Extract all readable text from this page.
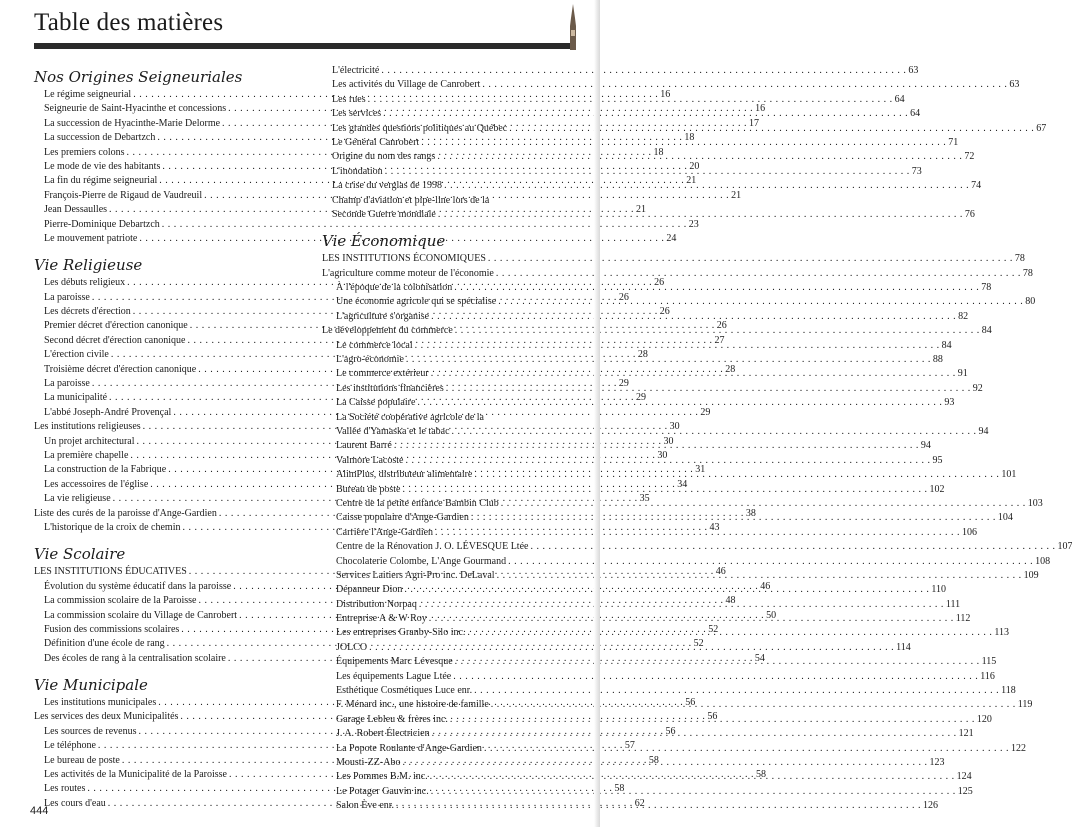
Table des matières
Nos Origines Seigneuriales
Le régime seigneurial . . .	16
Seigneurie de Saint-Hyacinthe et concessions . . .	16
La succession de Hyacinthe-Marie Delorme . . .	17
La succession de Debartzch . . .	18
Les premiers colons . . .	18
Le mode de vie des habitants . . .	20
La fin du régime seigneurial . . .	21
François-Pierre de Rigaud de Vaudreuil . . .	21
Jean Dessaulles . . .	21
Pierre-Dominique Debartzch . . .	23
Le mouvement patriote . . .	24
Vie Religieuse
Les débuts religieux . . .	26
La paroisse . . .	26
Les décrets d'érection . . .	26
Premier décret d'érection canonique . . .	26
Second décret d'érection canonique . . .	27
L'érection civile . . .	28
Troisième décret d'érection canonique . . .	28
La paroisse . . .	29
La municipalité . . .	29
L'abbé Joseph-André Provençal . . .	29
Les institutions religieuses . . .	30
Un projet architectural . . .	30
La première chapelle . . .	30
La construction de la Fabrique . . .	31
Les accessoires de l'église . . .	34
La vie religieuse . . .	35
Liste des curés de la paroisse d'Ange-Gardien . . .	38
L'historique de la croix de chemin . . .	43
Vie Scolaire
LES INSTITUTIONS ÉDUCATIVES . . .	46
Évolution du système éducatif dans la paroisse . . .	46
La commission scolaire de la Paroisse . . .	48
La commission scolaire du Village de Canrobert . . .	50
Fusion des commissions scolaires . . .	52
Définition d'une école de rang . . .	52
Des écoles de rang à la centralisation scolaire . . .	54
Vie Municipale
Les institutions municipales . . .	56
Les services des deux Municipalités . . .	56
Les sources de revenus . . .	56
Le téléphone . . .	57
Le bureau de poste . . .	58
Les activités de la Municipalité de la Paroisse . . .	58
Les routes . . .	58
Les cours d'eau . . .	62
L'électricité . . .	63
Les activités du Village de Canrobert . . .	63
Les rues . . .	64
Les services . . .	64
Les grandes questions politiques au Québec . . .	67
Le Général Canrobert . . .	71
Origine du nom des rangs . . .	72
L'inondation . . .	73
La crise du verglas de 1998 . . .	74
Champ d'aviation et pipe-line lors de la
Seconde Guerre mondiale . . .	76
Vie Économique
LES INSTITUTIONS ÉCONOMIQUES . . .	78
L'agriculture comme moteur de l'économie . . .	78
À l'époque de la colonisation . . .	78
Une économie agricole qui se spécialise . . .	80
L'agriculture s'organise . . .	82
Le développement du commerce . . .	84
Le commerce local . . .	84
L'agro-économie . . .	88
Le commerce extérieur . . .	91
Les institutions financières . . .	92
La Caisse populaire . . .	93
La Société coopérative agricole de la
Vallée d'Yamaska et le tabac . . .	94
Laurent Barré . . .	94
Valmore Lacoste . . .	95
AlimPlus, distributeur alimentaire . . .	101
Bureau de poste . . .	102
Centre de la petite enfance Bambin Club . . .	103
Caisse populaire d'Ange-Gardien . . .	104
Carrière l'Ange-Gardien . . .	106
Centre de la Rénovation J. O. LÉVESQUE Ltée . . .	107
Chocolaterie Colombe, L'Ange Gourmand . . .	108
Services Laitiers Agri-Pro inc. DeLaval . . .	109
Dépanneur Dion . . .	110
Distribution Norpaq . . .	111
Entreprise A & W Roy . . .	112
Les entreprises Granby-Silo inc. . . .	113
JOLCO . . .	114
Équipements Marc Lévesque . . .	115
Les équipements Lague Ltée . . .	116
Esthétique Cosmétiques Luce enr. . . .	118
F. Ménard inc., une histoire de famille . . .	119
Garage Lebleu & frères inc. . . .	120
J. A. Robert Électricien . . .	121
La Popote Roulante d'Ange-Gardien . . .	122
Mousti-ZZ-Abo . . .	123
Les Pommes B.M. inc. . . .	124
Le Potager Gauvin inc. . . .	125
Salon Ève enr. . . .	126
444
